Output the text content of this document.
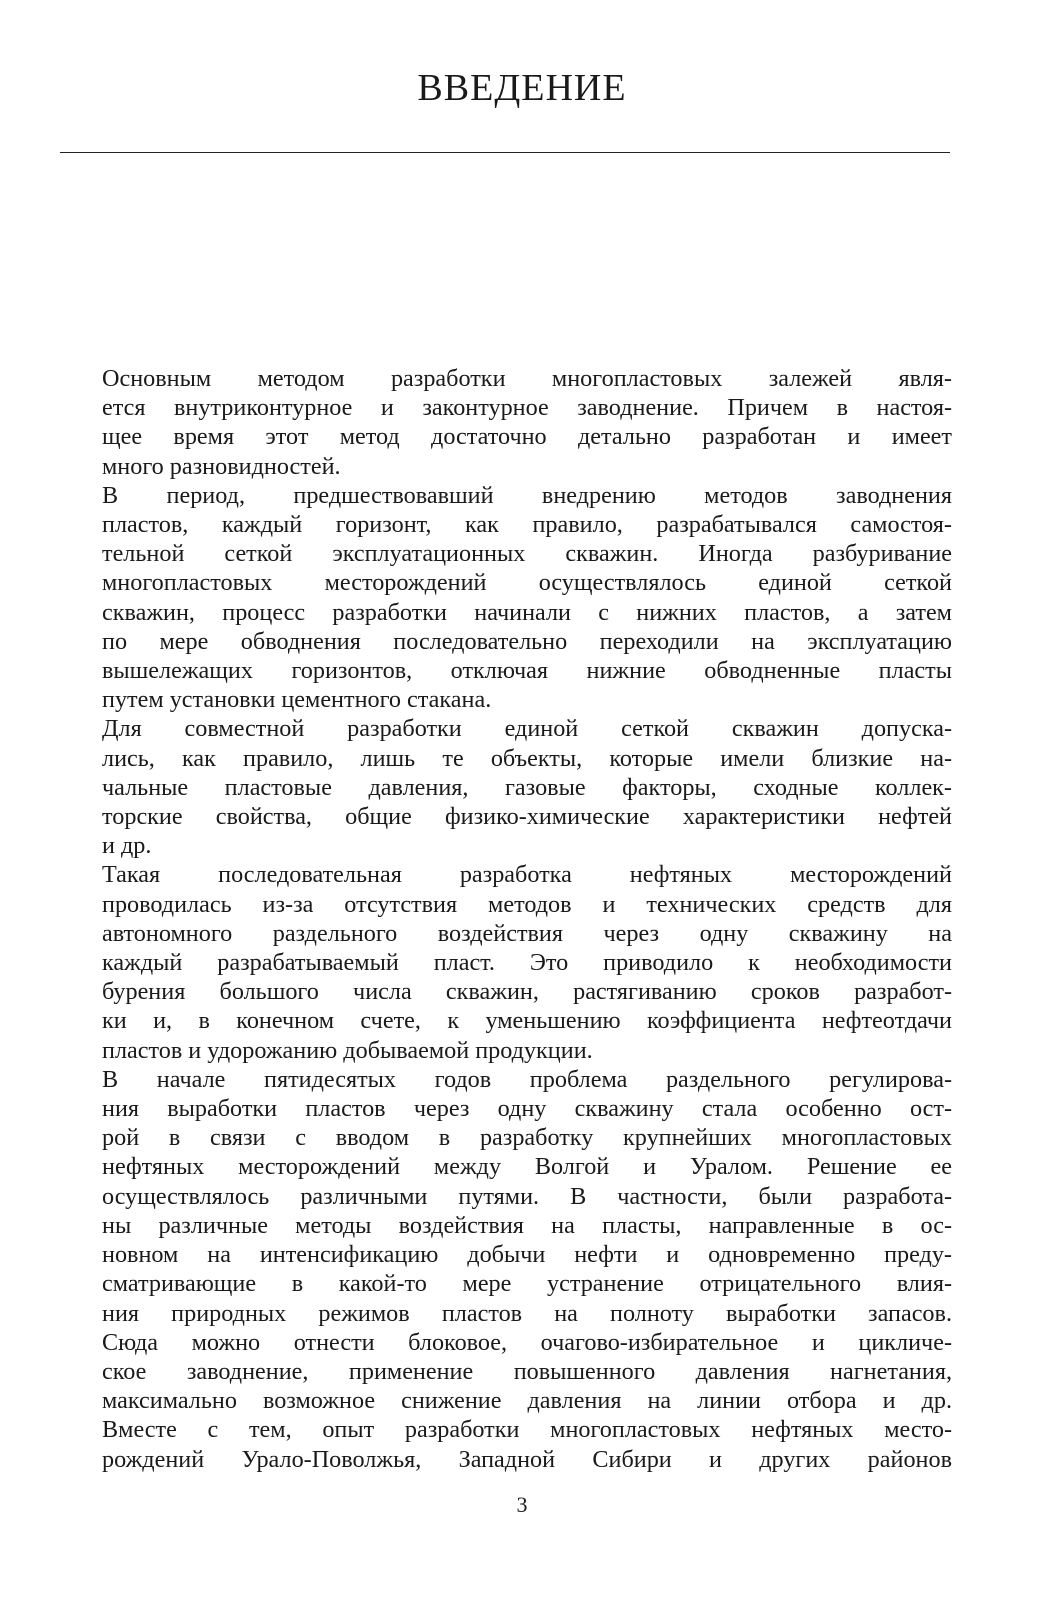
ВВЕДЕНИЕ
Основным методом разработки многопластовых залежей явля-
ется внутриконтурное и законтурное заводнение. Причем в настоя-
щее время этот метод достаточно детально разработан и имеет
много разновидностей.
В период, предшествовавший внедрению методов заводнения
пластов, каждый горизонт, как правило, разрабатывался самостоя-
тельной сеткой эксплуатационных скважин. Иногда разбуривание
многопластовых месторождений осуществлялось единой сеткой
скважин, процесс разработки начинали с нижних пластов, а затем
по мере обводнения последовательно переходили на эксплуатацию
вышележащих горизонтов, отключая нижние обводненные пласты
путем установки цементного стакана.
Для совместной разработки единой сеткой скважин допуска-
лись, как правило, лишь те объекты, которые имели близкие на-
чальные пластовые давления, газовые факторы, сходные коллек-
торские свойства, общие физико-химические характеристики нефтей
и др.
Такая последовательная разработка нефтяных месторождений
проводилась из-за отсутствия методов и технических средств для
автономного раздельного воздействия через одну скважину на
каждый разрабатываемый пласт. Это приводило к необходимости
бурения большого числа скважин, растягиванию сроков разработ-
ки и, в конечном счете, к уменьшению коэффициента нефтеотдачи
пластов и удорожанию добываемой продукции.
В начале пятидесятых годов проблема раздельного регулирова-
ния выработки пластов через одну скважину стала особенно ост-
рой в связи с вводом в разработку крупнейших многопластовых
нефтяных месторождений между Волгой и Уралом. Решение ее
осуществлялось различными путями. В частности, были разработа-
ны различные методы воздействия на пласты, направленные в ос-
новном на интенсификацию добычи нефти и одновременно преду-
сматривающие в какой-то мере устранение отрицательного влия-
ния природных режимов пластов на полноту выработки запасов.
Сюда можно отнести блоковое, очагово-избирательное и цикличе-
ское заводнение, применение повышенного давления нагнетания,
максимально возможное снижение давления на линии отбора и др.
Вместе с тем, опыт разработки многопластовых нефтяных место-
рождений Урало-Поволжья, Западной Сибири и других районов
3
